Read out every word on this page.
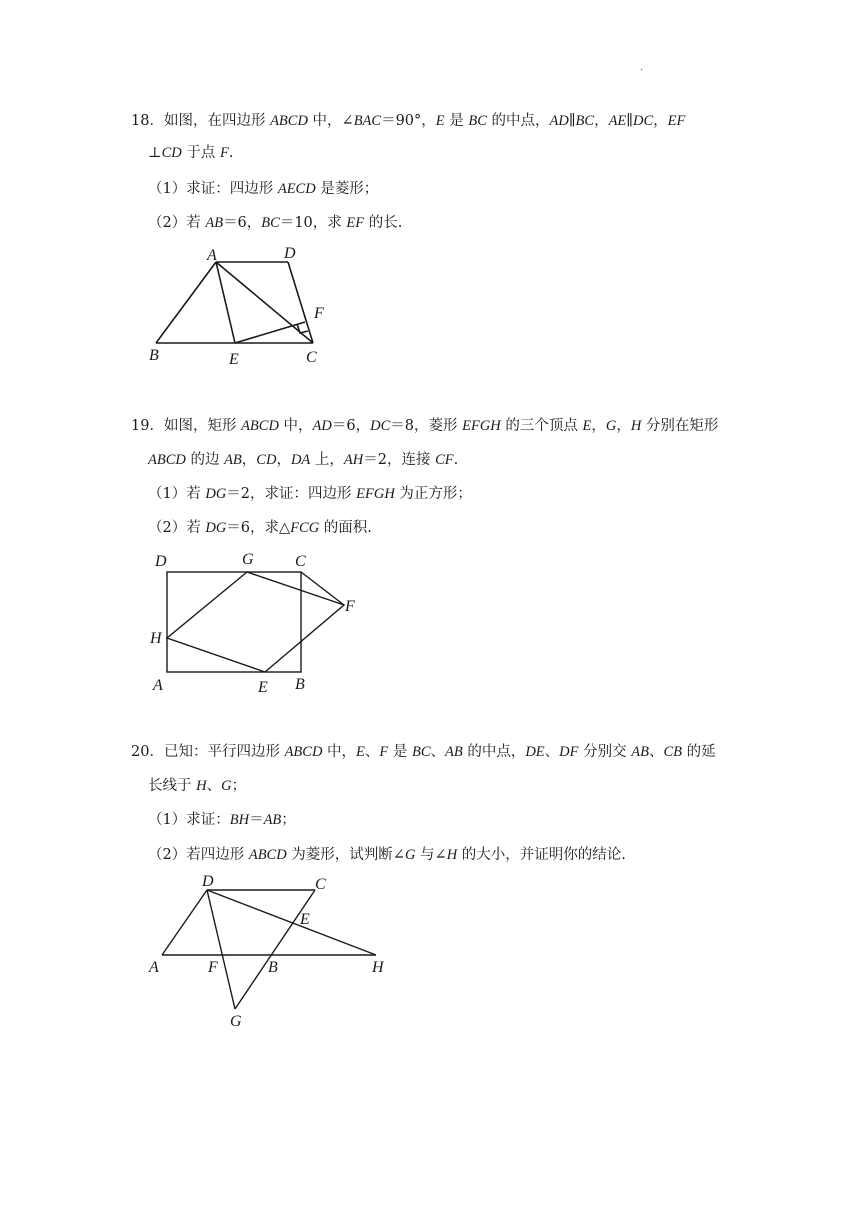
.
18．如图，在四边形 ABCD 中，∠BAC＝90°，E 是 BC 的中点，AD∥BC，AE∥DC，EF
⊥CD 于点 F.
（1）求证：四边形 AECD 是菱形；
（2）若 AB＝6，BC＝10，求 EF 的长.
A	D
F
B	E	C
19．如图，矩形 ABCD 中，AD＝6，DC＝8，菱形 EFGH 的三个顶点 E，G，H 分别在矩形
ABCD 的边 AB，CD，DA 上，AH＝2，连接 CF.
（1）若 DG＝2，求证：四边形 EFGH 为正方形；
（2）若 DG＝6，求△FCG 的面积.
D	G	C
F
H
A	E B
20．已知：平行四边形 ABCD 中，E、F 是 BC、AB 的中点，DE、DF 分别交 AB、CB 的延
长线于 H、G；
（1）求证：BH＝AB；
（2）若四边形 ABCD 为菱形，试判断∠G 与∠H 的大小，并证明你的结论.
D	C
E
A	F	B	H
G
